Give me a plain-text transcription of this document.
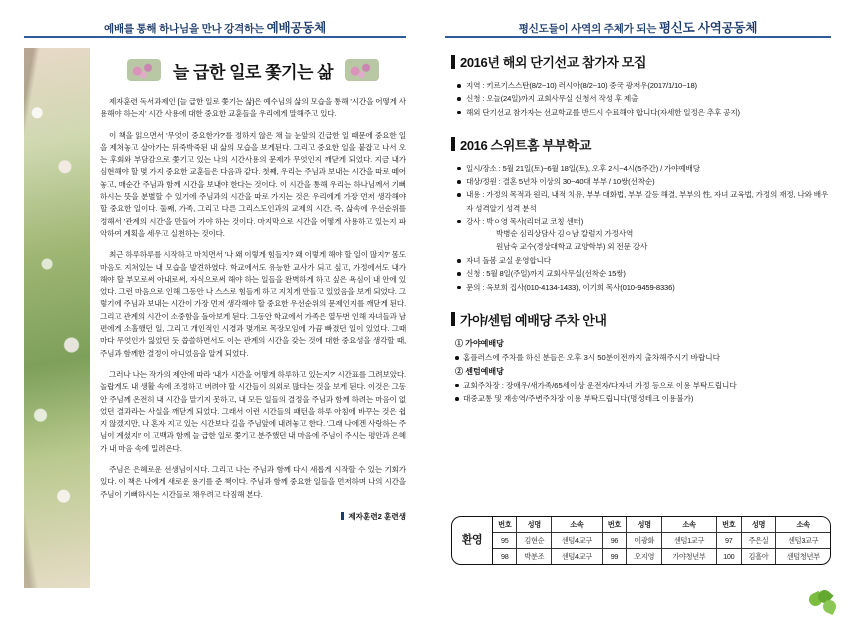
예배를 통해 하나님을 만나 강격하는 예배공동체
늘 급한 일로 쫓기는 삶

제자훈련 독서과제인 [늘 급한 일로 쫓기는 삶]은 예수님의 삶의 모습을 통해 '시간을 어떻게 사용해야 하는지' 시간 사용에 대한 중요한 교훈들을 우리에게 말해주고 있다.

이 책을 읽으면서 '무엇이 중요한가?'를 정하지 않은 채 늘 눈앞의 긴급한 일 때문에 중요한 일을 제쳐놓고 살아가는 뒤죽박죽된 내 삶의 모습을 보게된다. 그리고 중요한 일을 붙잡고 나서 오는 후회와 부담감으로 쫓기고 있는 나의 시간사용의 문제가 무엇인지 깨닫게 되었다. 지금 내가 심현해야 할 몇 가지 중요한 교훈들은 다음과 같다. 첫째, 우리는 주님과 보내는 시간을 따로 떼어놓고, 매순간 주님과 함께 시간을 보내야 한다는 것이다. 이 시간을 통해 우리는 하나님께서 기뻐하시는 뜻을 분별할 수 있기에 주님과의 시간을 따로 가지는 것은 우리에게 가장 먼저 생각해야 할 중요한 일이다. 둘째, 가족, 그리고 다른 그리스도인과의 교제의 시간, 즉, 삶속에 우선순위를 정해서 '관계의 시간'을 만들어 가야 하는 것이다. 마지막으로 시간을 어떻게 사용하고 있는지 파악하여 계획을 세우고 실천하는 것이다.

최근 하루하루를 시작하고 마치면서 '나 왜 이렇게 힘들지? 왜 이렇게 해야 할 일이 많지?' 몸도 마음도 지쳐있는 내 모습을 발견하였다. 학교에서도 유능한 교사가 되고 싶고, 가정에서도 내가 해야 할 부모로써 아내로써, 자식으로써 해야 하는 일들을 완벽하게 하고 싶은 욕심이 내 안에 있었다. 그런 마음으로 인해 그동안 나 스스로 힘들게 하고 지치게 만들고 있었음을 보게 되었다. 그렇기에 주님과 보내는 시간이 가장 먼저 생각해야 할 중요한 우선순위의 문제인지를 깨닫게 된다. 그리고 관계의 시간이 소중함을 돌아보게 된다. 그동안 학교에서 가족은 열두번 인해 자녀들과 남편에게 소홀했던 일, 그리고 개인적인 시경과 몇개로 목장모임에 가끔 빠졌던 일이 있었다. 그때마다 무엇인가 잃었던 듯 씁쓸하면서도 이는 관계의 시간을 갖는 것에 대한 중요성을 생각할 때, 주님과 함께한 결정이 아니었음을 알게 되었다.

그러나 나는 작가의 제안에 따라 '내가 시간을 어떻게 하루하고 있는지?' 시간표를 그려보았다. 놀랍게도 내 생활 속에 조정하고 버려야 할 시간들이 의외로 많다는 것을 보게 된다. 이것은 그동안 주님께 온전히 내 시간을 맡기지 못하고, 내 모든 일들의 결정을 주님과 함께 하려는 마음이 없었던 결과라는 사실을 깨닫게 되었다. 그래서 이런 시간들의 패턴을 하루 아침에 바꾸는 것은 쉽지 않겠지만, 나 혼자 지고 있는 시간보다 길을 주님앞에 내려놓고 한다. '그래 나에겐 사랑하는 주님이 계셨지!' 이 고백과 함께 늘 급한 일로 쫓기고 분주했던 내 마음에 주님이 주시는 평안과 은혜가 내 마음 속에 밀려온다.

주님은 은혜로운 선생님이시다. 그리고 나는 주님과 함께 다시 새롭게 시작할 수 있는 기회가 있다. 이 책은 나에게 새로운 용기를 준 책이다. 주님과 함께 중요한 일들을 먼저하며 나의 시간을 주님이 기뻐하시는 시간들로 채우려고 다짐해 본다.

제자훈련2 훈련생
평신도들이 사역의 주체가 되는 평신도 사역공동체
2016년 해외 단기선교 참가자 모집
지역 : 키르기스스탄(8/2~10) 러시아(8/2~10) 중국 광저우(2017/1/10~18)
신청 : 오늘(24일)까지 교회사무실 신청서 작성 후 제출
해외 단기선교 참가자는 선교학교를 반드시 수료해야 합니다(자세한 일정은 추후 공지)
2016 스위트홈 부부학교
일시/장소 : 5월 21일(토)~6월 18일(토), 오후 2시~4시(5주간) / 가야예배당
대상/정원 : 결혼 5년차 이상의 30~40대 부부 / 10쌍(선착순)
내용 : 가정의 목적과 원리, 내적 치유, 부부 대화법, 부부 갈등 해결, 부부의 性, 자녀 교육법, 가정의 재정, 나와 배우자 성격알기 성격 분석
강사 : 박ㅇ영 목사(리더교 코칭 센터)
박병순 심리상담사 김ㅇ남 칼럼지 가정사역
원남숙 교수(경상대학교 교양학부) 외 전문 강사
자녀 돌봄 교실 운영합니다
신청 : 5월 8일(주일)까지 교회사무실(선착순 15쌍)
문의 : 옥보희 집사(010-4134-1433), 이기희 목사(010-9459-8336)
가야/센텀 예배당 주차 안내
① 가야예배당
홈플러스에 주차를 하신 분들은 오후 3시 50분이전까지 출차해주시기 바랍니다
② 센텀예배당
교회주차장 : 장애우/새가족/65세이상 운전자/다자녀 가정 등으로 이용 부탁드립니다
대중교통 및 재송역/주변주차장 이용 부탁드립니다(명성테크 이용불가)
환영
번호	성명	소속	번호	성명	소속	번호	성명	소속
95	김현순	센텀4교구	96	이광화	센텀1교구	97	주은실	센텀3교구
98	박분조	센텀4교구	99	오지영	가야청년부	100	김흘아	센텀청년부
